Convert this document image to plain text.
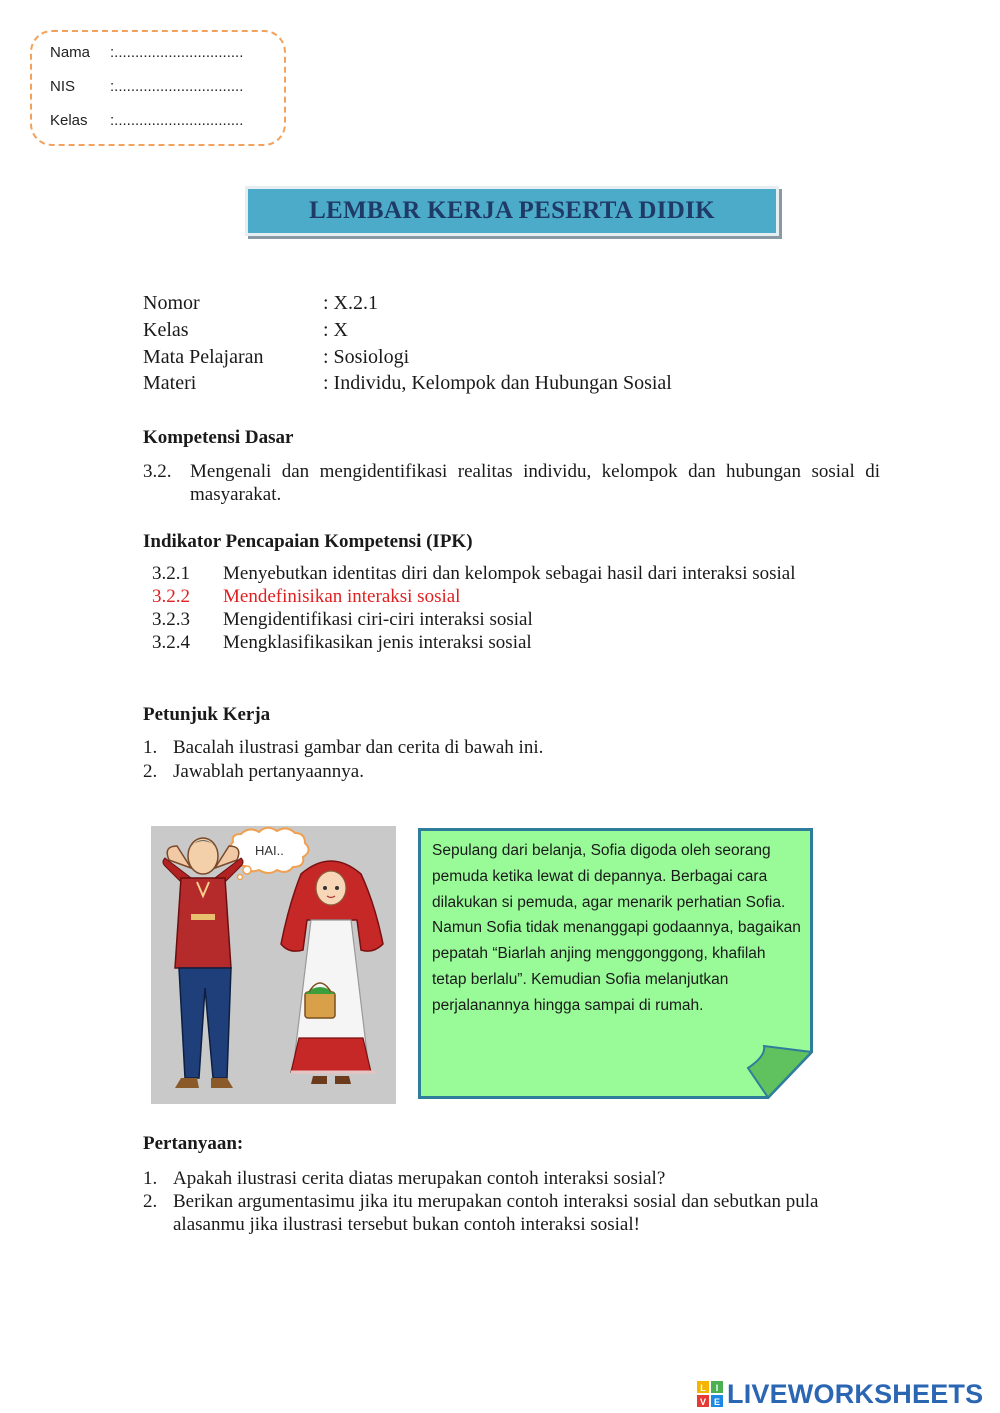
Nama :...............................
NIS :...............................
Kelas :...............................
LEMBAR KERJA PESERTA DIDIK
Nomor	: X.2.1
Kelas	: X
Mata Pelajaran	: Sosiologi
Materi	: Individu, Kelompok dan Hubungan Sosial
Kompetensi Dasar
3.2. Mengenali dan mengidentifikasi realitas individu, kelompok dan hubungan sosial di masyarakat.
Indikator Pencapaian Kompetensi (IPK)
3.2.1 Menyebutkan identitas diri dan kelompok sebagai hasil dari interaksi sosial
3.2.2 Mendefinisikan interaksi sosial
3.2.3 Mengidentifikasi ciri-ciri interaksi sosial
3.2.4 Mengklasifikasikan jenis interaksi sosial
Petunjuk Kerja
1. Bacalah ilustrasi gambar dan cerita di bawah ini.
2. Jawablah pertanyaannya.
HAI..	Sepulang dari belanja, Sofia digoda oleh seorang pemuda ketika lewat di depannya. Berbagai cara dilakukan si pemuda, agar menarik perhatian Sofia. Namun Sofia tidak menanggapi godaannya, bagaikan pepatah “Biarlah anjing menggonggong, khafilah tetap berlalu”. Kemudian Sofia melanjutkan perjalanannya hingga sampai di rumah.
Pertanyaan:
1. Apakah ilustrasi cerita diatas merupakan contoh interaksi sosial?
2. Berikan argumentasimu jika itu merupakan contoh interaksi sosial dan sebutkan pula alasanmu jika ilustrasi tersebut bukan contoh interaksi sosial!
L I
V E LIVEWORKSHEETS
